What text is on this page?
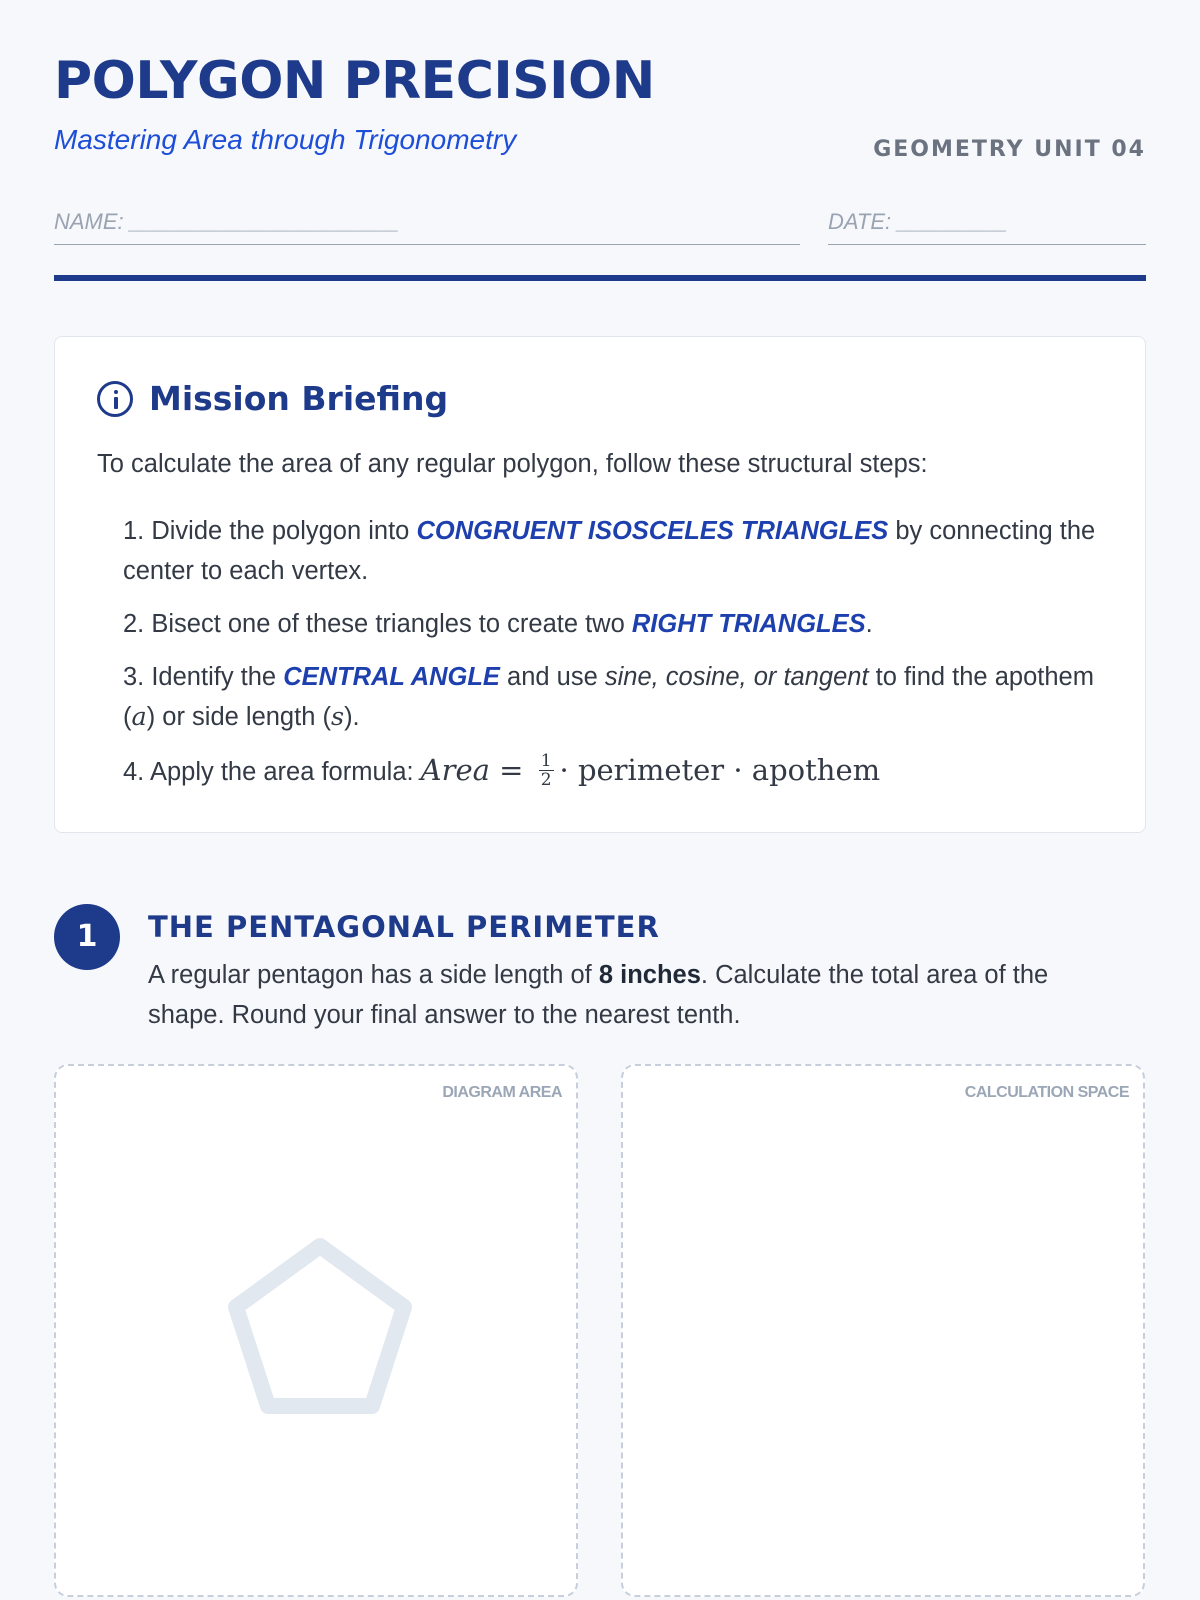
POLYGON PRECISION
Mastering Area through Trigonometry	GEOMETRY UNIT 04
NAME: ______________________	DATE: _________
Mission Briefing

To calculate the area of any regular polygon, follow these structural steps:

1. Divide the polygon into CONGRUENT ISOSCELES TRIANGLES by connecting the center to each vertex.
2. Bisect one of these triangles to create two RIGHT TRIANGLES.
3. Identify the CENTRAL ANGLE and use sine, cosine, or tangent to find the apothem (a) or side length (s).
4. Apply the area formula: Area = $\frac{1}{2}$ · perimeter · apothem
1	THE PENTAGONAL PERIMETER

A regular pentagon has a side length of 8 inches. Calculate the total area of the shape. Round your final answer to the nearest tenth.

DIAGRAM AREA	CALCULATION SPACE
